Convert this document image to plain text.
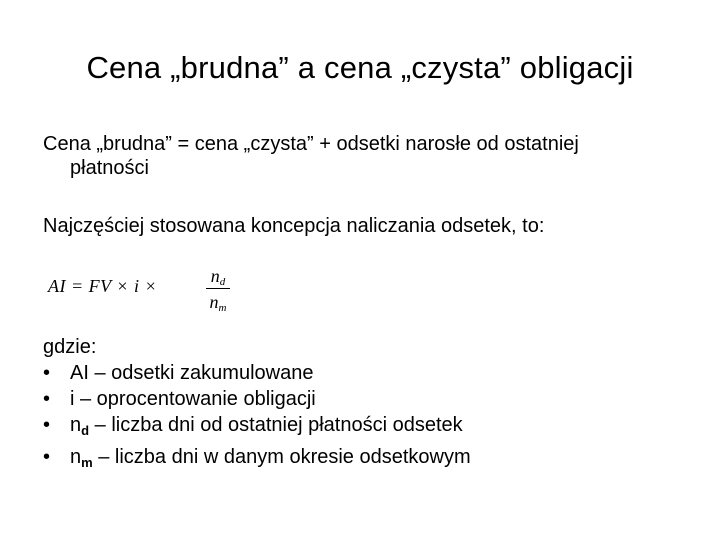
Cena „brudna” a cena „czysta” obligacji
Cena „brudna” = cena „czysta” + odsetki narosłe od ostatniej
płatności
Najczęściej stosowana koncepcja naliczania odsetek, to:
AI = FV × i ×	$n_d$
$n_m$
gdzie:
• AI – odsetki zakumulowane
• i – oprocentowanie obligacji
• $n_d$ – liczba dni od ostatniej płatności odsetek
• $n_m$ – liczba dni w danym okresie odsetkowym
